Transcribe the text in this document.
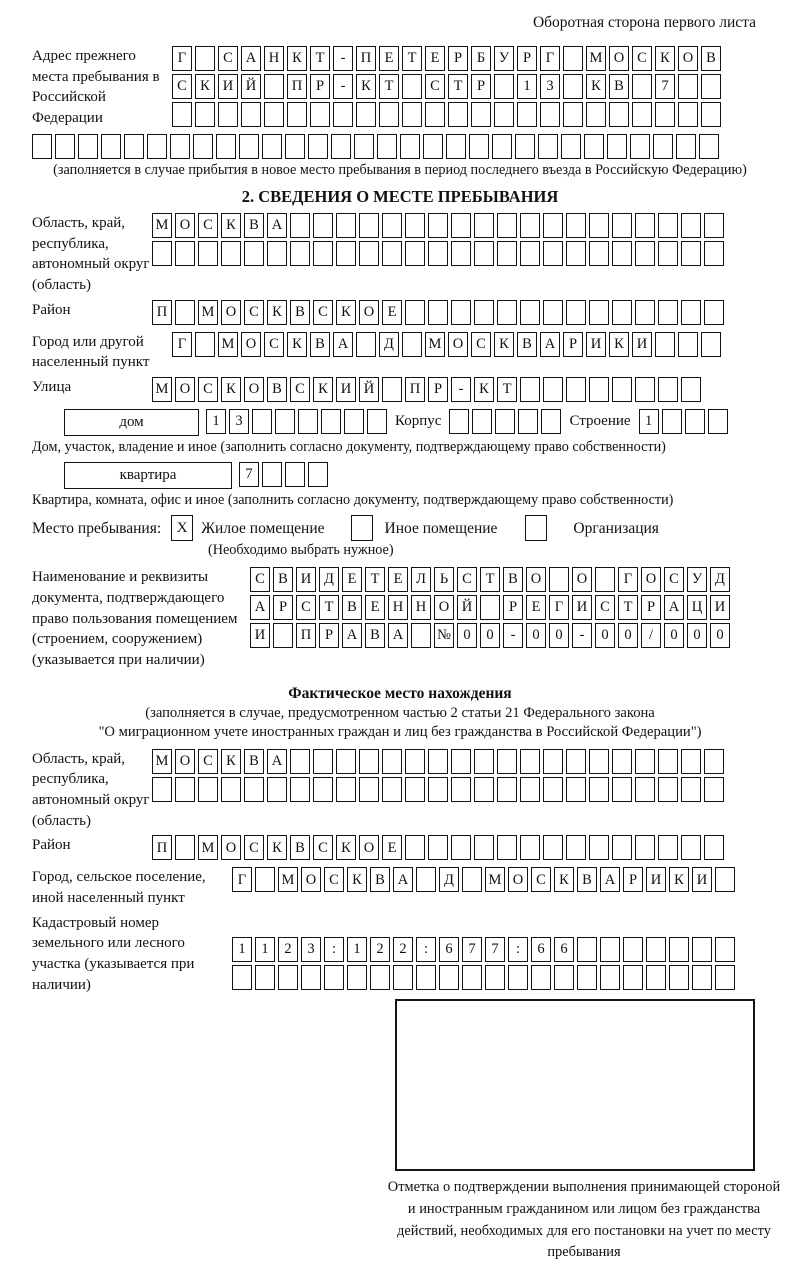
Оборотная сторона первого листа
Адрес прежнего места пребывания в Российской Федерации
Г	С А Н К Т	-	П Е Т Е	Р	Б У Р	Г	М О С К О В
С К И Й	П Р	-	К Т	С Т	Р	1	3	К В	7
(заполняется в случае прибытия в новое место пребывания в период последнего въезда в Российскую Федерацию)
2. СВЕДЕНИЯ О МЕСТЕ ПРЕБЫВАНИЯ
Область, край, республика, автономный округ (область)
М О С К В А
Район	П	М О С К В С К О Е
Город или другой населенный пункт
Г	М О С К В А	Д	М О С К В А Р И К И
Улица	М О С К О В С К И Й	П Р	-	К Т
дом	1	3	Корпус	Строение 1
Дом, участок, владение и иное (заполнить согласно документу, подтверждающему право собственности)
квартира	7
Квартира, комната, офис и иное (заполнить согласно документу, подтверждающему право собственности)
Место пребывания:	X Жилое помещение	Иное помещение	Организация
(Необходимо выбрать нужное)
Наименование и реквизиты документа, подтверждающего право пользования помещением (строением, сооружением) (указывается при наличии)
С В И Д Е Т Е Л Ь С Т В О	О	Г О С У Д
А Р С Т В Е Н Н О Й	Р	Е Г И С Т	Р А Ц И
И	П Р А В А	№ 0	0	-	0	0	-	0	0	/	0	0	0
Фактическое место нахождения
(заполняется в случае, предусмотренном частью 2 статьи 21 Федерального закона
"О миграционном учете иностранных граждан и лиц без гражданства в Российской Федерации")
Область, край, республика, автономный округ (область)
М О С К В А
Район	П	М О С К В С К О Е
Город, сельское поселение, иной населенный пункт
Г	М О С К В А	Д	М О С К В А Р И К И
Кадастровый номер земельного или лесного участка (указывается при наличии)
1	1	2	3	:	1	2	2	:	6	7	7	:	6	6
Отметка о подтверждении выполнения принимающей стороной и иностранным гражданином или лицом без гражданства действий, необходимых для его постановки на учет по месту пребывания
